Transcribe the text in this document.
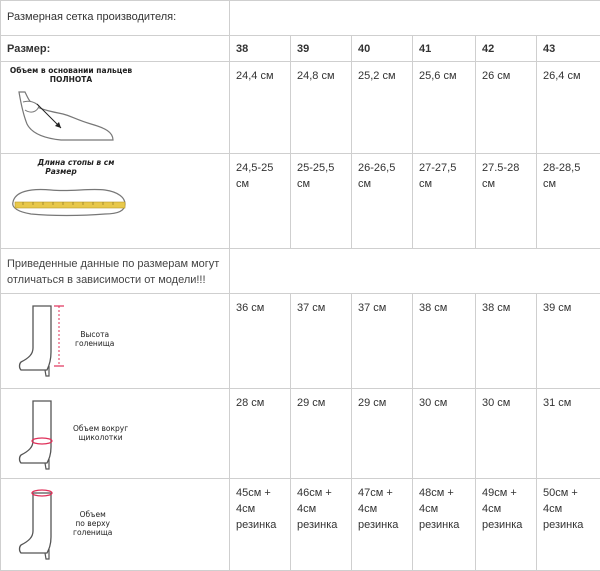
Размерная сетка производителя:						
Размер:	38	39	40	41	42	43

Объем в основании пальцев
ПОЛНОТА	24,4 см	24,8 см	25,2 см	25,6 см	26 см	26,4 см

Длина стопы в см
Размер	24,5-25 см	25-25,5 см	26-26,5 см	27-27,5 см	27.5-28 см	28-28,5 см
Приведенные данные по размерам могут отличаться в зависимости от модели!!!						

Высота
голенища	36 см	37 см	37 см	38 см	38 см	39 см

Объем вокруг
щиколотки	28 см	29 см	29 см	30 см	30 см	31 см

Объем
по верху
голенища	45см + 4см резинка	46см + 4см резинка	47см + 4см резинка	48см + 4см резинка	49см + 4см резинка	50см + 4см резинка
